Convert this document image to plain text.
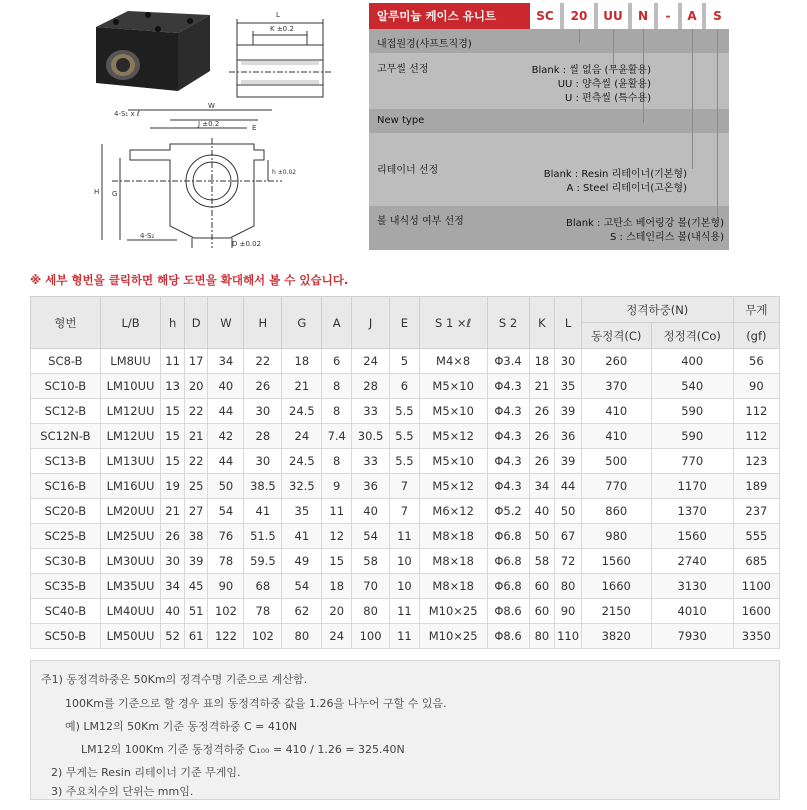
L
K ±0.2
4-S₁ x ℓ
W
J ±0.2	E
H G
h ±0.02
4-S₂
D ±0.02
알루미늄 케이스 유니트	SC	20	UU	N	-	A	S
내접원경(샤프트직경)
고무씰 선정	Blank : 씰 없음 (무윤활용)
UU : 양측씰 (윤활용)
U : 편측씰 (특수용)
New type
리테이너 선정	Blank : Resin 리테이너(기본형)
A : Steel 리테이너(고온형)
볼 내식성 여부 선정	Blank : 고탄소 베어링강 볼(기본형)
S : 스테인리스 볼(내식용)
※ 세부 형번을 클릭하면 해당 도면을 확대해서 볼 수 있습니다.
형번	L/B	h	D	W	H	G	A	J	E	S 1 ×ℓ	S 2	K	L	정격하중(N)		무게
														동정격(C)	정정격(Co)	(gf)
SC8-B	LM8UU	11	17	34	22	18	6	24	5	M4×8	Φ3.4	18	30	260	400	56
SC10-B	LM10UU	13	20	40	26	21	8	28	6	M5×10	Φ4.3	21	35	370	540	90
SC12-B	LM12UU	15	22	44	30	24.5	8	33	5.5	M5×10	Φ4.3	26	39	410	590	112
SC12N-B	LM12UU	15	21	42	28	24	7.4	30.5	5.5	M5×12	Φ4.3	26	36	410	590	112
SC13-B	LM13UU	15	22	44	30	24.5	8	33	5.5	M5×10	Φ4.3	26	39	500	770	123
SC16-B	LM16UU	19	25	50	38.5	32.5	9	36	7	M5×12	Φ4.3	34	44	770	1170	189
SC20-B	LM20UU	21	27	54	41	35	11	40	7	M6×12	Φ5.2	40	50	860	1370	237
SC25-B	LM25UU	26	38	76	51.5	41	12	54	11	M8×18	Φ6.8	50	67	980	1560	555
SC30-B	LM30UU	30	39	78	59.5	49	15	58	10	M8×18	Φ6.8	58	72	1560	2740	685
SC35-B	LM35UU	34	45	90	68	54	18	70	10	M8×18	Φ6.8	60	80	1660	3130	1100
SC40-B	LM40UU	40	51	102	78	62	20	80	11	M10×25	Φ8.6	60	90	2150	4010	1600
SC50-B	LM50UU	52	61	122	102	80	24	100	11	M10×25	Φ8.6	80	110	3820	7930	3350
주1) 동정격하중은 50Km의 정격수명 기준으로 계산함.
100Km를 기준으로 할 경우 표의 동정격하중 값을 1.26을 나누어 구할 수 있음.
예) LM12의 50Km 기준 동정격하중 C = 410N
LM12의 100Km 기준 동정격하중 C₁₀₀ = 410 / 1.26 = 325.40N
2) 무게는 Resin 리테이너 기준 무게임.
3) 주요치수의 단위는 mm임.
